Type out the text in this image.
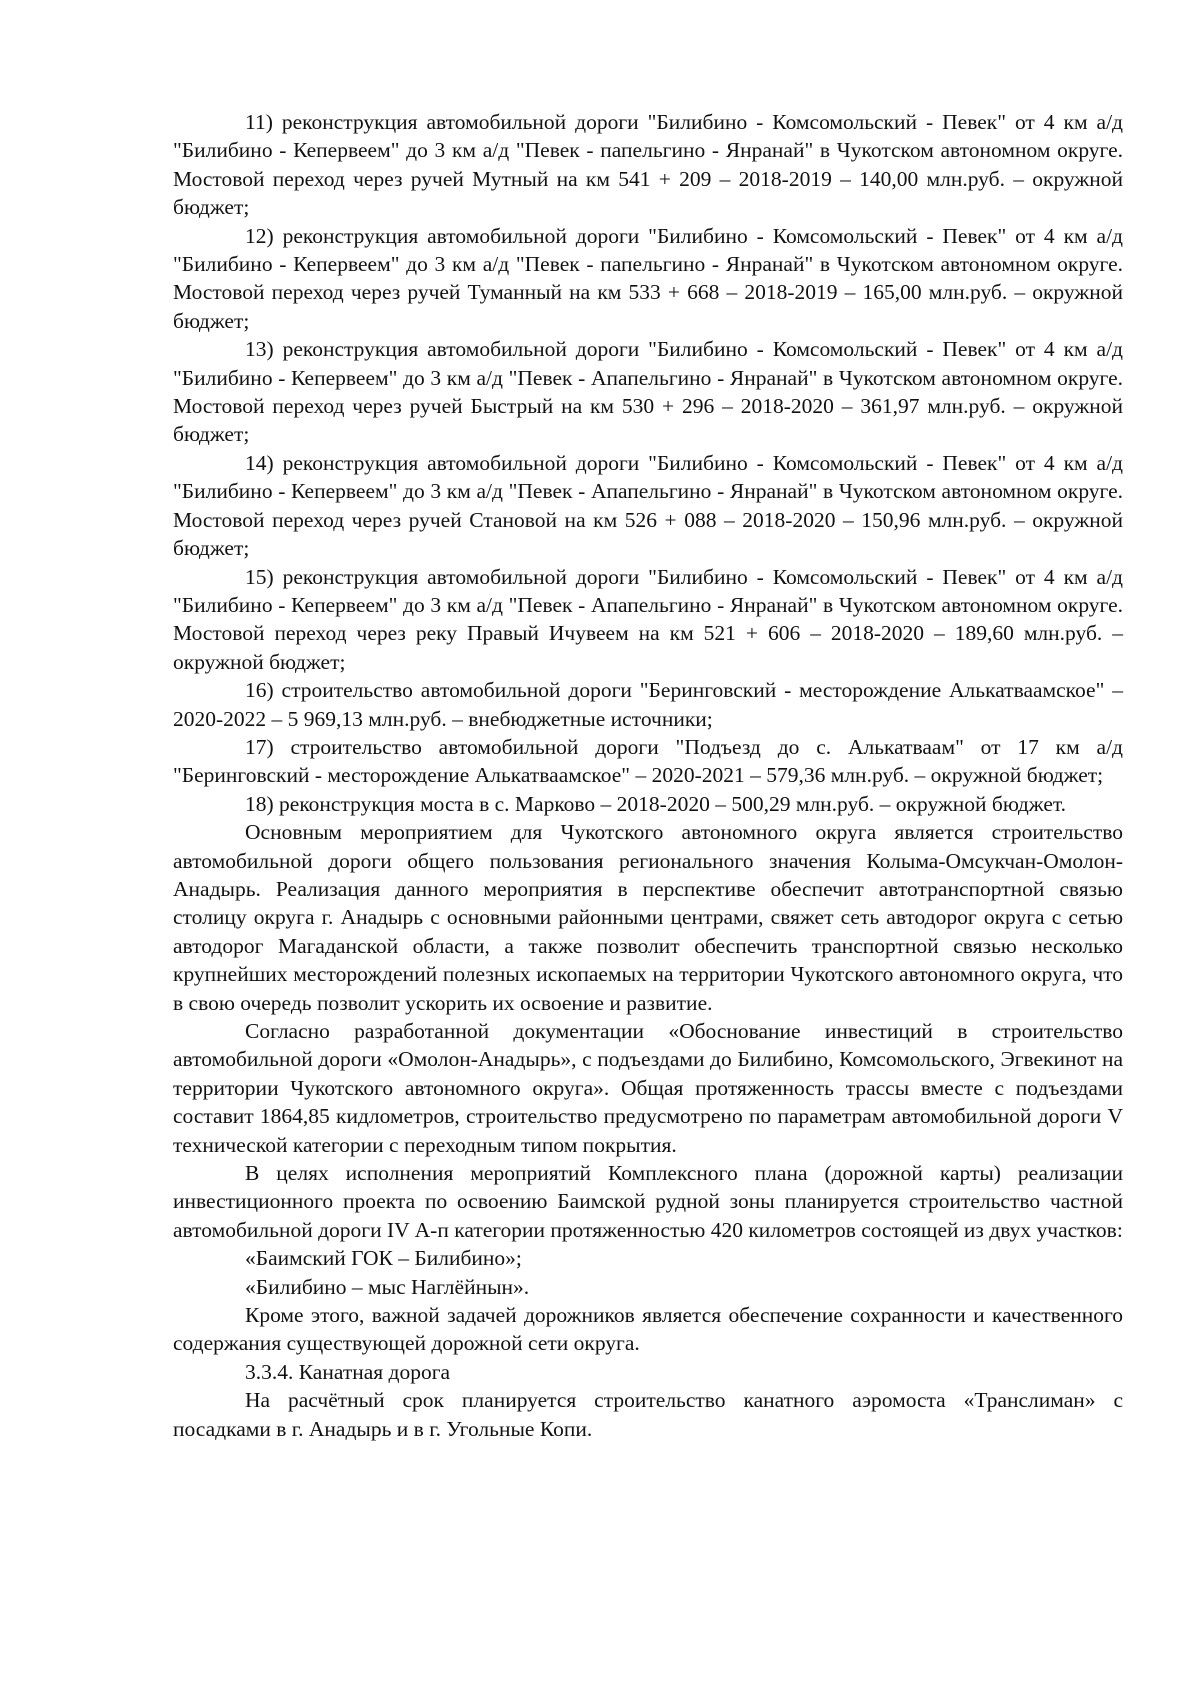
11) реконструкция автомобильной дороги "Билибино - Комсомольский - Певек" от 4 км а/д "Билибино - Кепервеем" до 3 км а/д "Певек - папельгино - Янранай" в Чукотском автономном округе. Мостовой переход через ручей Мутный на км 541 + 209 – 2018-2019 – 140,00 млн.руб. – окружной бюджет;

12) реконструкция автомобильной дороги "Билибино - Комсомольский - Певек" от 4 км а/д "Билибино - Кепервеем" до 3 км а/д "Певек - папельгино - Янранай" в Чукотском автономном округе. Мостовой переход через ручей Туманный на км 533 + 668 – 2018-2019 – 165,00 млн.руб. – окружной бюджет;

13) реконструкция автомобильной дороги "Билибино - Комсомольский - Певек" от 4 км а/д "Билибино - Кепервеем" до 3 км а/д "Певек - Апапельгино - Янранай" в Чукотском автономном округе. Мостовой переход через ручей Быстрый на км 530 + 296 – 2018-2020 – 361,97 млн.руб. – окружной бюджет;

14) реконструкция автомобильной дороги "Билибино - Комсомольский - Певек" от 4 км а/д "Билибино - Кепервеем" до 3 км а/д "Певек - Апапельгино - Янранай" в Чукотском автономном округе. Мостовой переход через ручей Становой на км 526 + 088 – 2018-2020 – 150,96 млн.руб. – окружной бюджет;

15) реконструкция автомобильной дороги "Билибино - Комсомольский - Певек" от 4 км а/д "Билибино - Кепервеем" до 3 км а/д "Певек - Апапельгино - Янранай" в Чукотском автономном округе. Мостовой переход через реку Правый Ичувеем на км 521 + 606 – 2018-2020 – 189,60 млн.руб. – окружной бюджет;

16) строительство автомобильной дороги "Беринговский - месторождение Алькатваамское" – 2020-2022 – 5 969,13 млн.руб. – внебюджетные источники;

17) строительство автомобильной дороги "Подъезд до с. Алькатваам" от 17 км а/д "Беринговский - месторождение Алькатваамское" – 2020-2021 – 579,36 млн.руб. – окружной бюджет;

18) реконструкция моста в с. Марково – 2018-2020 – 500,29 млн.руб. – окружной бюджет.

Основным мероприятием для Чукотского автономного округа является строительство автомобильной дороги общего пользования регионального значения Колыма-Омсукчан-Омолон-Анадырь. Реализация данного мероприятия в перспективе обеспечит автотранспортной связью столицу округа г. Анадырь с основными районными центрами, свяжет сеть автодорог округа с сетью автодорог Магаданской области, а также позволит обеспечить транспортной связью несколько крупнейших месторождений полезных ископаемых на территории Чукотского автономного округа, что в свою очередь позволит ускорить их освоение и развитие.

Согласно разработанной документации «Обоснование инвестиций в строительство автомобильной дороги «Омолон-Анадырь», с подъездами до Билибино, Комсомольского, Эгвекинот на территории Чукотского автономного округа». Общая протяженность трассы вместе с подъездами составит 1864,85 кидлометров, строительство предусмотрено по параметрам автомобильной дороги V технической категории с переходным типом покрытия.

В целях исполнения мероприятий Комплексного плана (дорожной карты) реализации инвестиционного проекта по освоению Баимской рудной зоны планируется строительство частной автомобильной дороги IV А-п категории протяженностью 420 километров состоящей из двух участков:

«Баимский ГОК – Билибино»;

«Билибино – мыс Наглёйнын».

Кроме этого, важной задачей дорожников является обеспечение сохранности и качественного содержания существующей дорожной сети округа.

3.3.4. Канатная дорога

На расчётный срок планируется строительство канатного аэромоста «Транслиман» с посадками в г. Анадырь и в г. Угольные Копи.
